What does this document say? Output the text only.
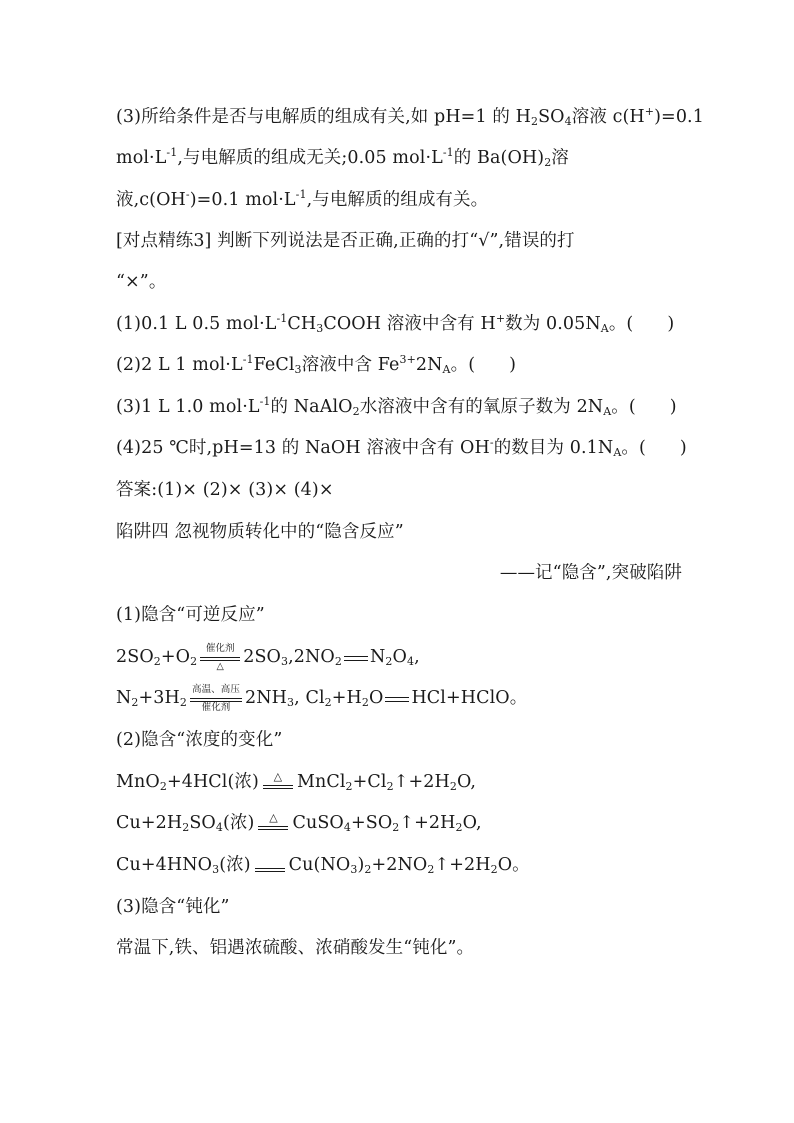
(3)所给条件是否与电解质的组成有关,如 pH=1 的 $H_2SO_4$溶液 c(H+)=0.1
$mol\cdot L^{-1}$,与电解质的组成无关;0.05 $mol\cdot L^{-1}$的 $Ba(OH)_2$溶
液,c(OH-)=0.1 $mol\cdot L^{-1}$,与电解质的组成有关。
[对点精练3] 判断下列说法是否正确,正确的打“√”,错误的打
“×”。
(1)0.1 L 0.5 $mol\cdot L^{-1}CH_3COOH$ 溶液中含有 H+数为 $0.05N_A$。( )
(2)2 L 1 $mol\cdot L^{-1}FeCl_3$溶液中含 $Fe^{3+}2N_A$。( )
(3)1 L 1.0 $mol\cdot L^{-1}$的 NaAlO$_2$水溶液中含有的氧原子数为 $2N_A$。( )
(4)25 ℃时,pH=13 的 NaOH 溶液中含有 OH-的数目为 $0.1N_A$。( )
答案:(1)× (2)× (3)× (4)×
陷阱四 忽视物质转化中的“隐含反应”
——记“隐含”,突破陷阱
(1)隐含“可逆反应”
$2SO_2+O_2$
催化剂
△	$2SO_3,2NO_2$ $N_2O_4$,
$N_2+3H_2$
高温、高压
催化剂 $2NH_3$, $Cl_2+H_2O$ HCl+HClO。
(2)隐含“浓度的变化”
MnO$_2$+4HCl(浓)	△ $MnCl_2+Cl_2↑+2H_2O$,
$Cu+2H_2SO_4$(浓)	△ $CuSO_4+SO_2↑+2H_2O$,
$Cu+4HNO_3$(浓) $Cu(NO_3)_2+2NO_2↑+2H_2O$。
(3)隐含“钝化”
常温下,铁、铝遇浓硫酸、浓硝酸发生“钝化”。
